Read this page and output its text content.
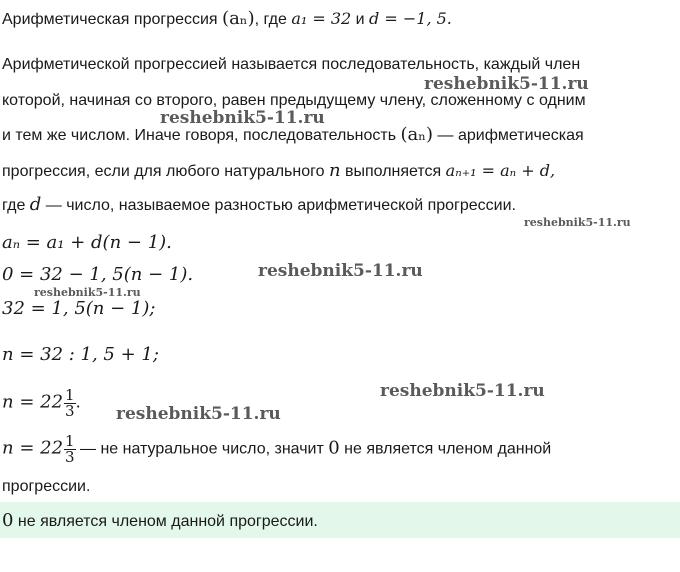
Арифметическая прогрессия (aₙ), где a₁ = 32 и d = −1, 5.
Арифметической прогрессией называется последовательность, каждый член
которой, начиная со второго, равен предыдущему члену, сложенному с одним
и тем же числом. Иначе говоря, последовательность (aₙ) — арифметическая
прогрессия, если для любого натурального n выполняется aₙ₊₁ = aₙ + d,
где d — число, называемое разностью арифметической прогрессии.
aₙ = a₁ + d(n − 1).
0 = 32 − 1, 5(n − 1).
32 = 1, 5(n − 1);
n = 32 : 1, 5 + 1;
$n = 22 \frac{1}{3}$ .
$n = 22 \frac{1}{3}$ — не натуральное число, значит 0 не является членом данной
прогрессии.
0 не является членом данной прогрессии.
reshebnik5-11.ru
reshebnik5-11.ru
reshebnik5-11.ru
reshebnik5-11.ru
reshebnik5-11.ru
reshebnik5-11.ru
reshebnik5-11.ru
